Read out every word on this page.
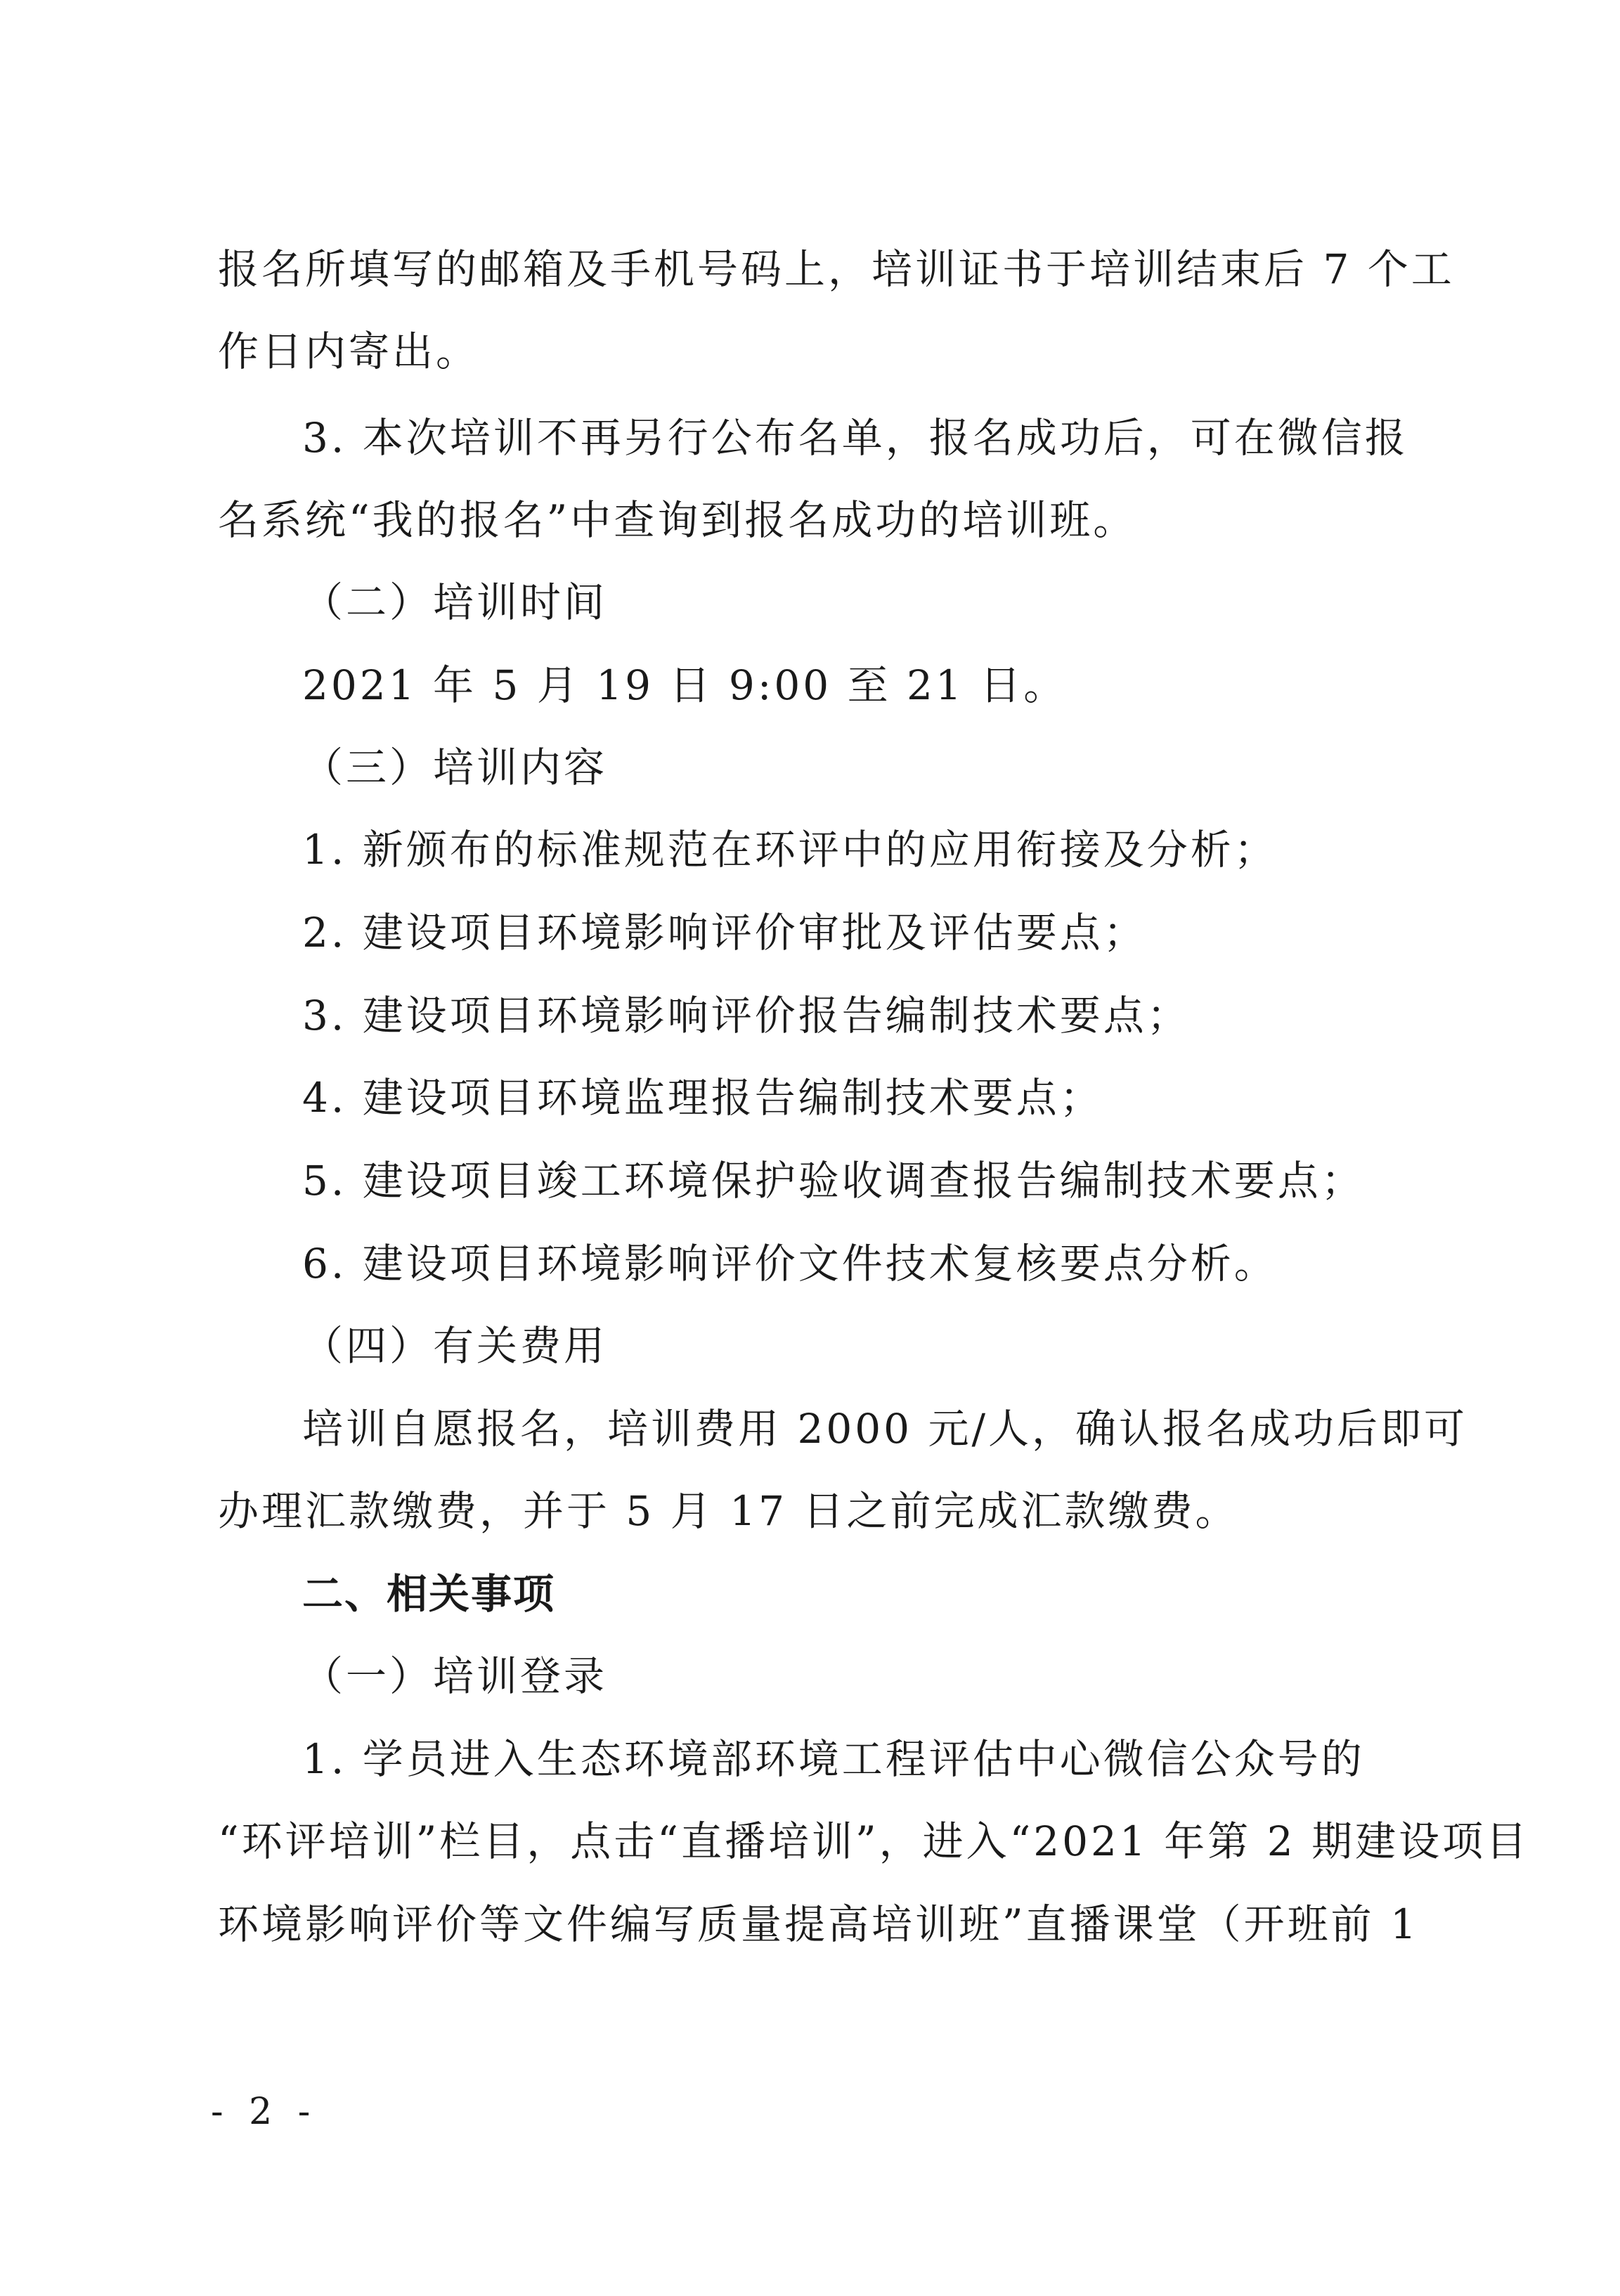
报名所填写的邮箱及手机号码上，培训证书于培训结束后 7 个工
作日内寄出。
3. 本次培训不再另行公布名单，报名成功后，可在微信报
名系统“我的报名”中查询到报名成功的培训班。
（二）培训时间
2021 年 5 月 19 日 9:00 至 21 日。
（三）培训内容
1. 新颁布的标准规范在环评中的应用衔接及分析；
2. 建设项目环境影响评价审批及评估要点；
3. 建设项目环境影响评价报告编制技术要点；
4. 建设项目环境监理报告编制技术要点；
5. 建设项目竣工环境保护验收调查报告编制技术要点；
6. 建设项目环境影响评价文件技术复核要点分析。
（四）有关费用
培训自愿报名，培训费用 2000 元/人，确认报名成功后即可
办理汇款缴费，并于 5 月 17 日之前完成汇款缴费。
二、相关事项
（一）培训登录
1. 学员进入生态环境部环境工程评估中心微信公众号的
“环评培训”栏目，点击“直播培训”，进入“2021 年第 2 期建设项目
环境影响评价等文件编写质量提高培训班”直播课堂（开班前 1
- 2 -
